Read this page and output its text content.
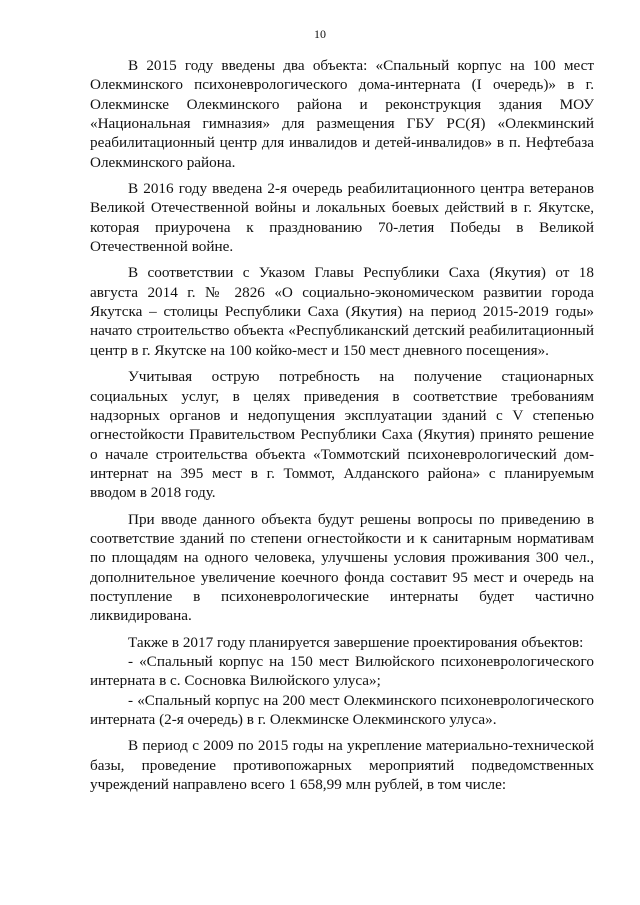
10

В 2015 году введены два объекта: «Спальный корпус на 100 мест Олекминского психоневрологического дома-интерната (I очередь)» в г. Олекминске Олекминского района и реконструкция здания МОУ «Национальная гимназия» для размещения ГБУ РС(Я) «Олекминский реабилитационный центр для инвалидов и детей-инвалидов» в п. Нефтебаза Олекминского района.

В 2016 году введена 2-я очередь реабилитационного центра ветеранов Великой Отечественной войны и локальных боевых действий в г. Якутске, которая приурочена к празднованию 70-летия Победы в Великой Отечественной войне.

В соответствии с Указом Главы Республики Саха (Якутия) от 18 августа 2014 г. № 2826 «О социально-экономическом развитии города Якутска – столицы Республики Саха (Якутия) на период 2015-2019 годы» начато строительство объекта «Республиканский детский реабилитационный центр в г. Якутске на 100 койко-мест и 150 мест дневного посещения».

Учитывая острую потребность на получение стационарных социальных услуг, в целях приведения в соответствие требованиям надзорных органов и недопущения эксплуатации зданий с V степенью огнестойкости Правительством Республики Саха (Якутия) принято решение о начале строительства объекта «Томмотский психоневрологический дом-интернат на 395 мест в г. Томмот, Алданского района» с планируемым вводом в 2018 году.

При вводе данного объекта будут решены вопросы по приведению в соответствие зданий по степени огнестойкости и к санитарным нормативам по площадям на одного человека, улучшены условия проживания 300 чел., дополнительное увеличение коечного фонда составит 95 мест и очередь на поступление в психоневрологические интернаты будет частично ликвидирована.

Также в 2017 году планируется завершение проектирования объектов:

- «Спальный корпус на 150 мест Вилюйского психоневрологического интерната в с. Сосновка Вилюйского улуса»;

- «Спальный корпус на 200 мест Олекминского психоневрологического интерната (2-я очередь) в г. Олекминске Олекминского улуса».

В период с 2009 по 2015 годы на укрепление материально-технической базы, проведение противопожарных мероприятий подведомственных учреждений направлено всего 1 658,99 млн рублей, в том числе:
